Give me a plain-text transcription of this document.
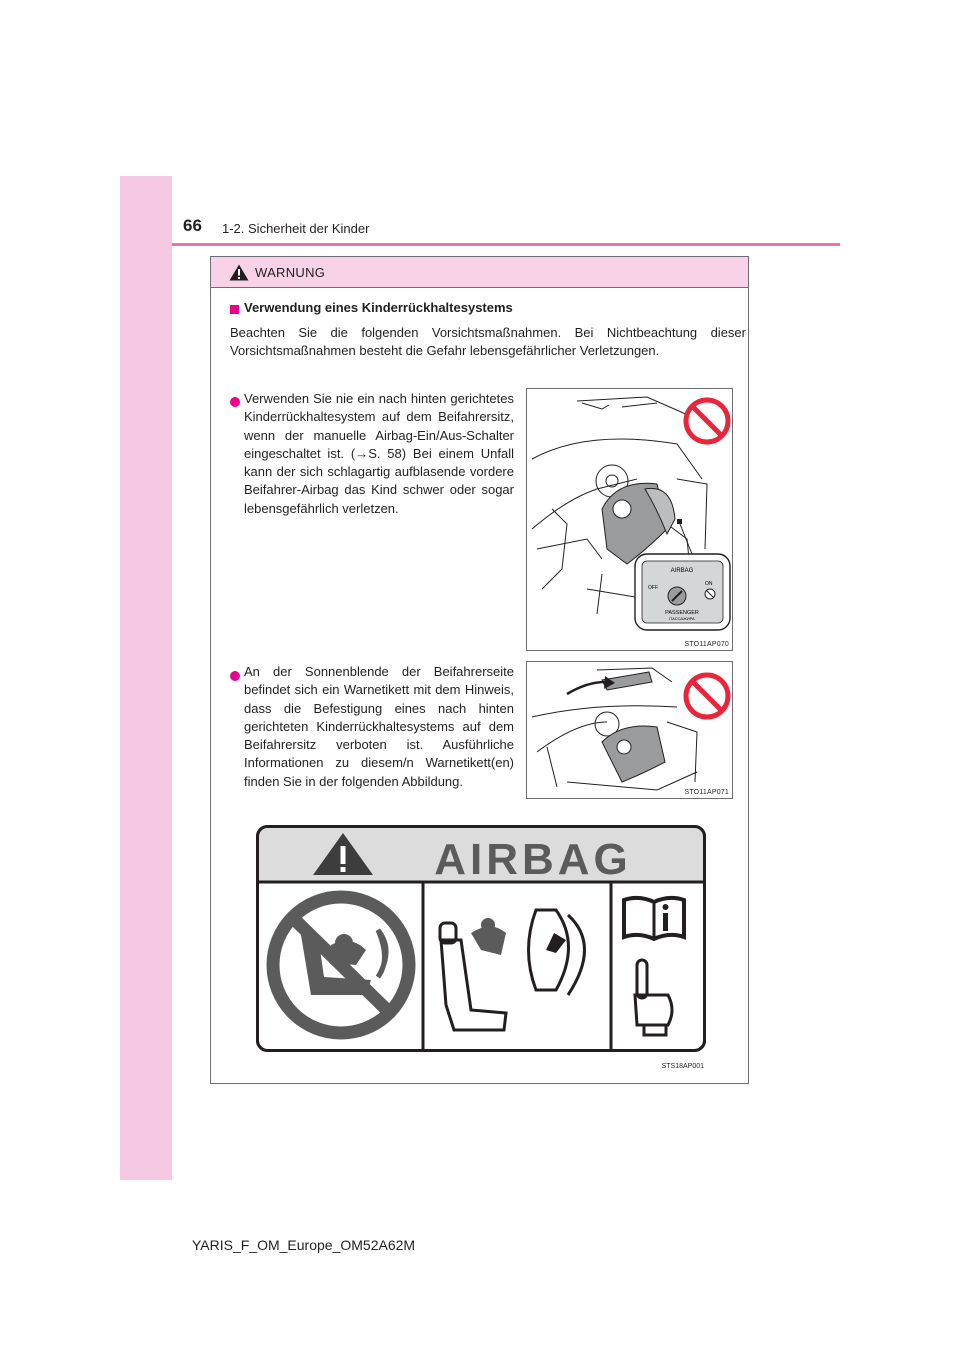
66 1-2. Sicherheit der Kinder
WARNUNG
Verwendung eines Kinderrückhaltesystems

Beachten Sie die folgenden Vorsichtsmaßnahmen. Bei Nichtbeachtung dieser Vorsichtsmaßnahmen besteht die Gefahr lebensgefährlicher Verletzungen.

Verwenden Sie nie ein nach hinten gerichtetes Kinderrückhaltesystem auf dem Beifahrersitz, wenn der manuelle Airbag-Ein/Aus-Schalter eingeschaltet ist. (→S. 58) Bei einem Unfall kann der sich schlagartig aufblasende vordere Beifahrer-Airbag das Kind schwer oder sogar lebensgefährlich verletzen.

AIRBAG
OFF
ON
PASSENGER
ПАССАЖИРА
STO11AP070

An der Sonnenblende der Beifahrerseite befindet sich ein Warnetikett mit dem Hinweis, dass die Befestigung eines nach hinten gerichteten Kinderrückhaltesystems auf dem Beifahrersitz verboten ist. Ausführliche Informationen zu diesem/n Warnetikett(en) finden Sie in der folgenden Abbildung.

STO11AP071
AIRBAG
STS18AP001
YARIS_F_OM_Europe_OM52A62M
